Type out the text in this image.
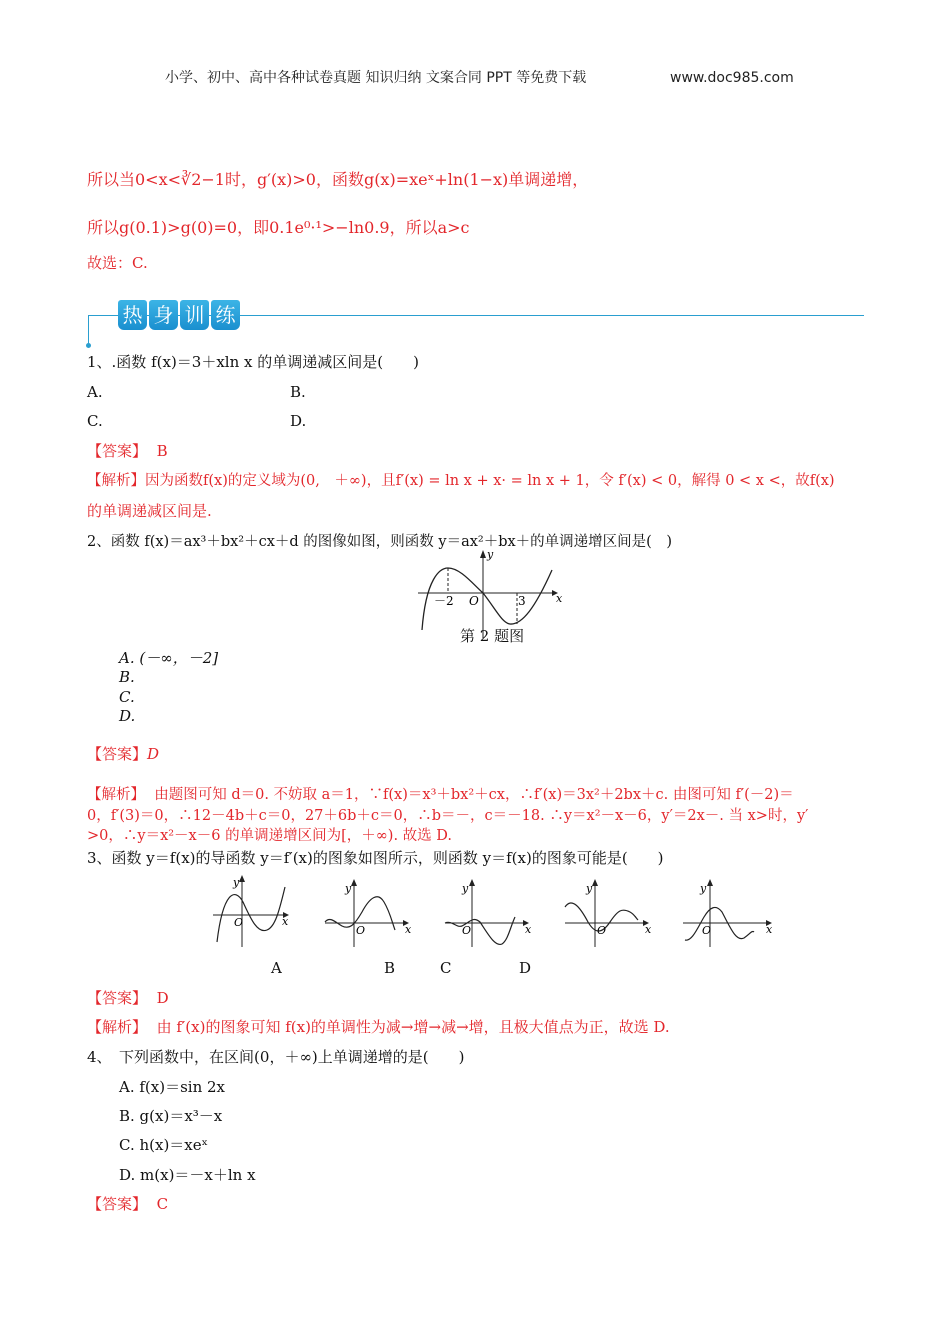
小学、初中、高中各种试卷真题 知识归纳 文案合同 PPT 等免费下载	www.doc985.com
所以当0<x<∛2−1时，g′(x)>0，函数g(x)=xeˣ+ln(1−x)单调递增，
所以g(0.1)>g(0)=0，即0.1e⁰·¹>−ln0.9，所以a>c
故选：C.
热 身 训 练
1、.函数 f(x)＝3＋xln x 的单调递减区间是(　　)
A.	B.
C.	D.
【答案】 B
【解析】因为函数f(x)的定义域为(0,　＋∞)，且f′(x) = ln x + x· = ln x + 1，令 f′(x) < 0，解得 0 < x <，故f(x)
的单调递减区间是.
2、函数 f(x)＝ax³＋bx²＋cx＋d 的图像如图，则函数 y＝ax²＋bx＋的单调递增区间是(　)
y
x
O
－2	3
第 2 题图
A. (－∞，－2]
B.
C.
D.
【答案】D
【解析】 由题图可知 d＝0. 不妨取 a＝1，∵f(x)＝x³＋bx²＋cx，∴f′(x)＝3x²＋2bx＋c. 由图可知 f′(－2)＝
0，f′(3)＝0，∴12－4b＋c＝0，27＋6b＋c＝0，∴b＝－，c＝－18. ∴y＝x²－x－6，y′＝2x－. 当 x>时，y′
>0，∴y＝x²－x－6 的单调递增区间为[，＋∞). 故选 D.
3、函数 y＝f(x)的导函数 y＝f′(x)的图象如图所示，则函数 y＝f(x)的图象可能是(　　)
y
x
O
y
x
O
y
x
O
y
x
O
y
x
O
A	B	C	D
【答案】 D
【解析】 由 f′(x)的图象可知 f(x)的单调性为减→增→减→增，且极大值点为正，故选 D.
4、　下列函数中，在区间(0，＋∞)上单调递增的是(　　)
A. f(x)＝sin 2x
B. g(x)＝x³－x
C. h(x)＝xeˣ
D. m(x)＝－x＋ln x
【答案】 C
